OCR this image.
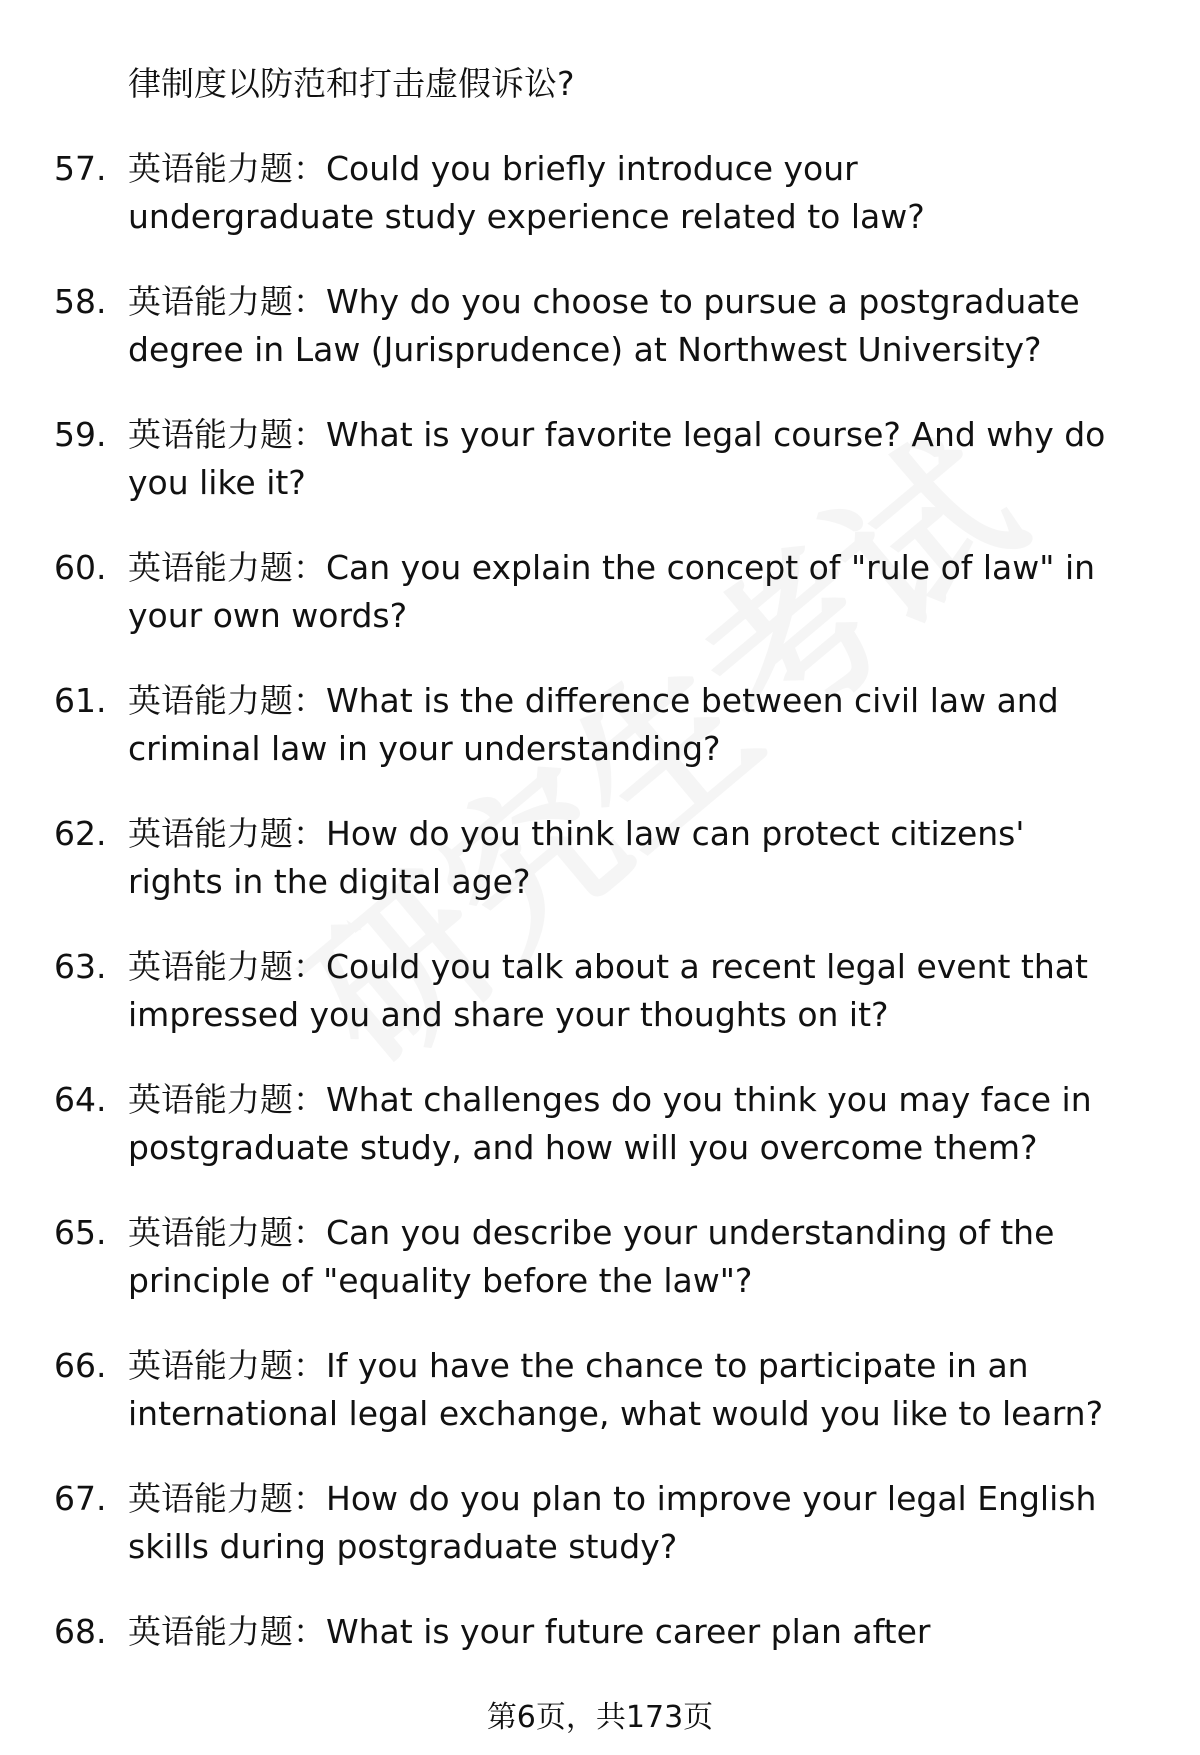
律制度以防范和打击虚假诉讼?
57. 英语能力题：Could you briefly introduce your
undergraduate study experience related to law?
58. 英语能力题：Why do you choose to pursue a postgraduate
degree in Law (Jurisprudence) at Northwest University?
59. 英语能力题：What is your favorite legal course? And why do
you like it?
60. 英语能力题：Can you explain the concept of "rule of law" in
your own words?
61. 英语能力题：What is the difference between civil law and
criminal law in your understanding?
62. 英语能力题：How do you think law can protect citizens'
rights in the digital age?
63. 英语能力题：Could you talk about a recent legal event that
impressed you and share your thoughts on it?
64. 英语能力题：What challenges do you think you may face in
postgraduate study, and how will you overcome them?
65. 英语能力题：Can you describe your understanding of the
principle of "equality before the law"?
66. 英语能力题：If you have the chance to participate in an
international legal exchange, what would you like to learn?
67. 英语能力题：How do you plan to improve your legal English
skills during postgraduate study?
68. 英语能力题：What is your future career plan after
第6页，共173页
